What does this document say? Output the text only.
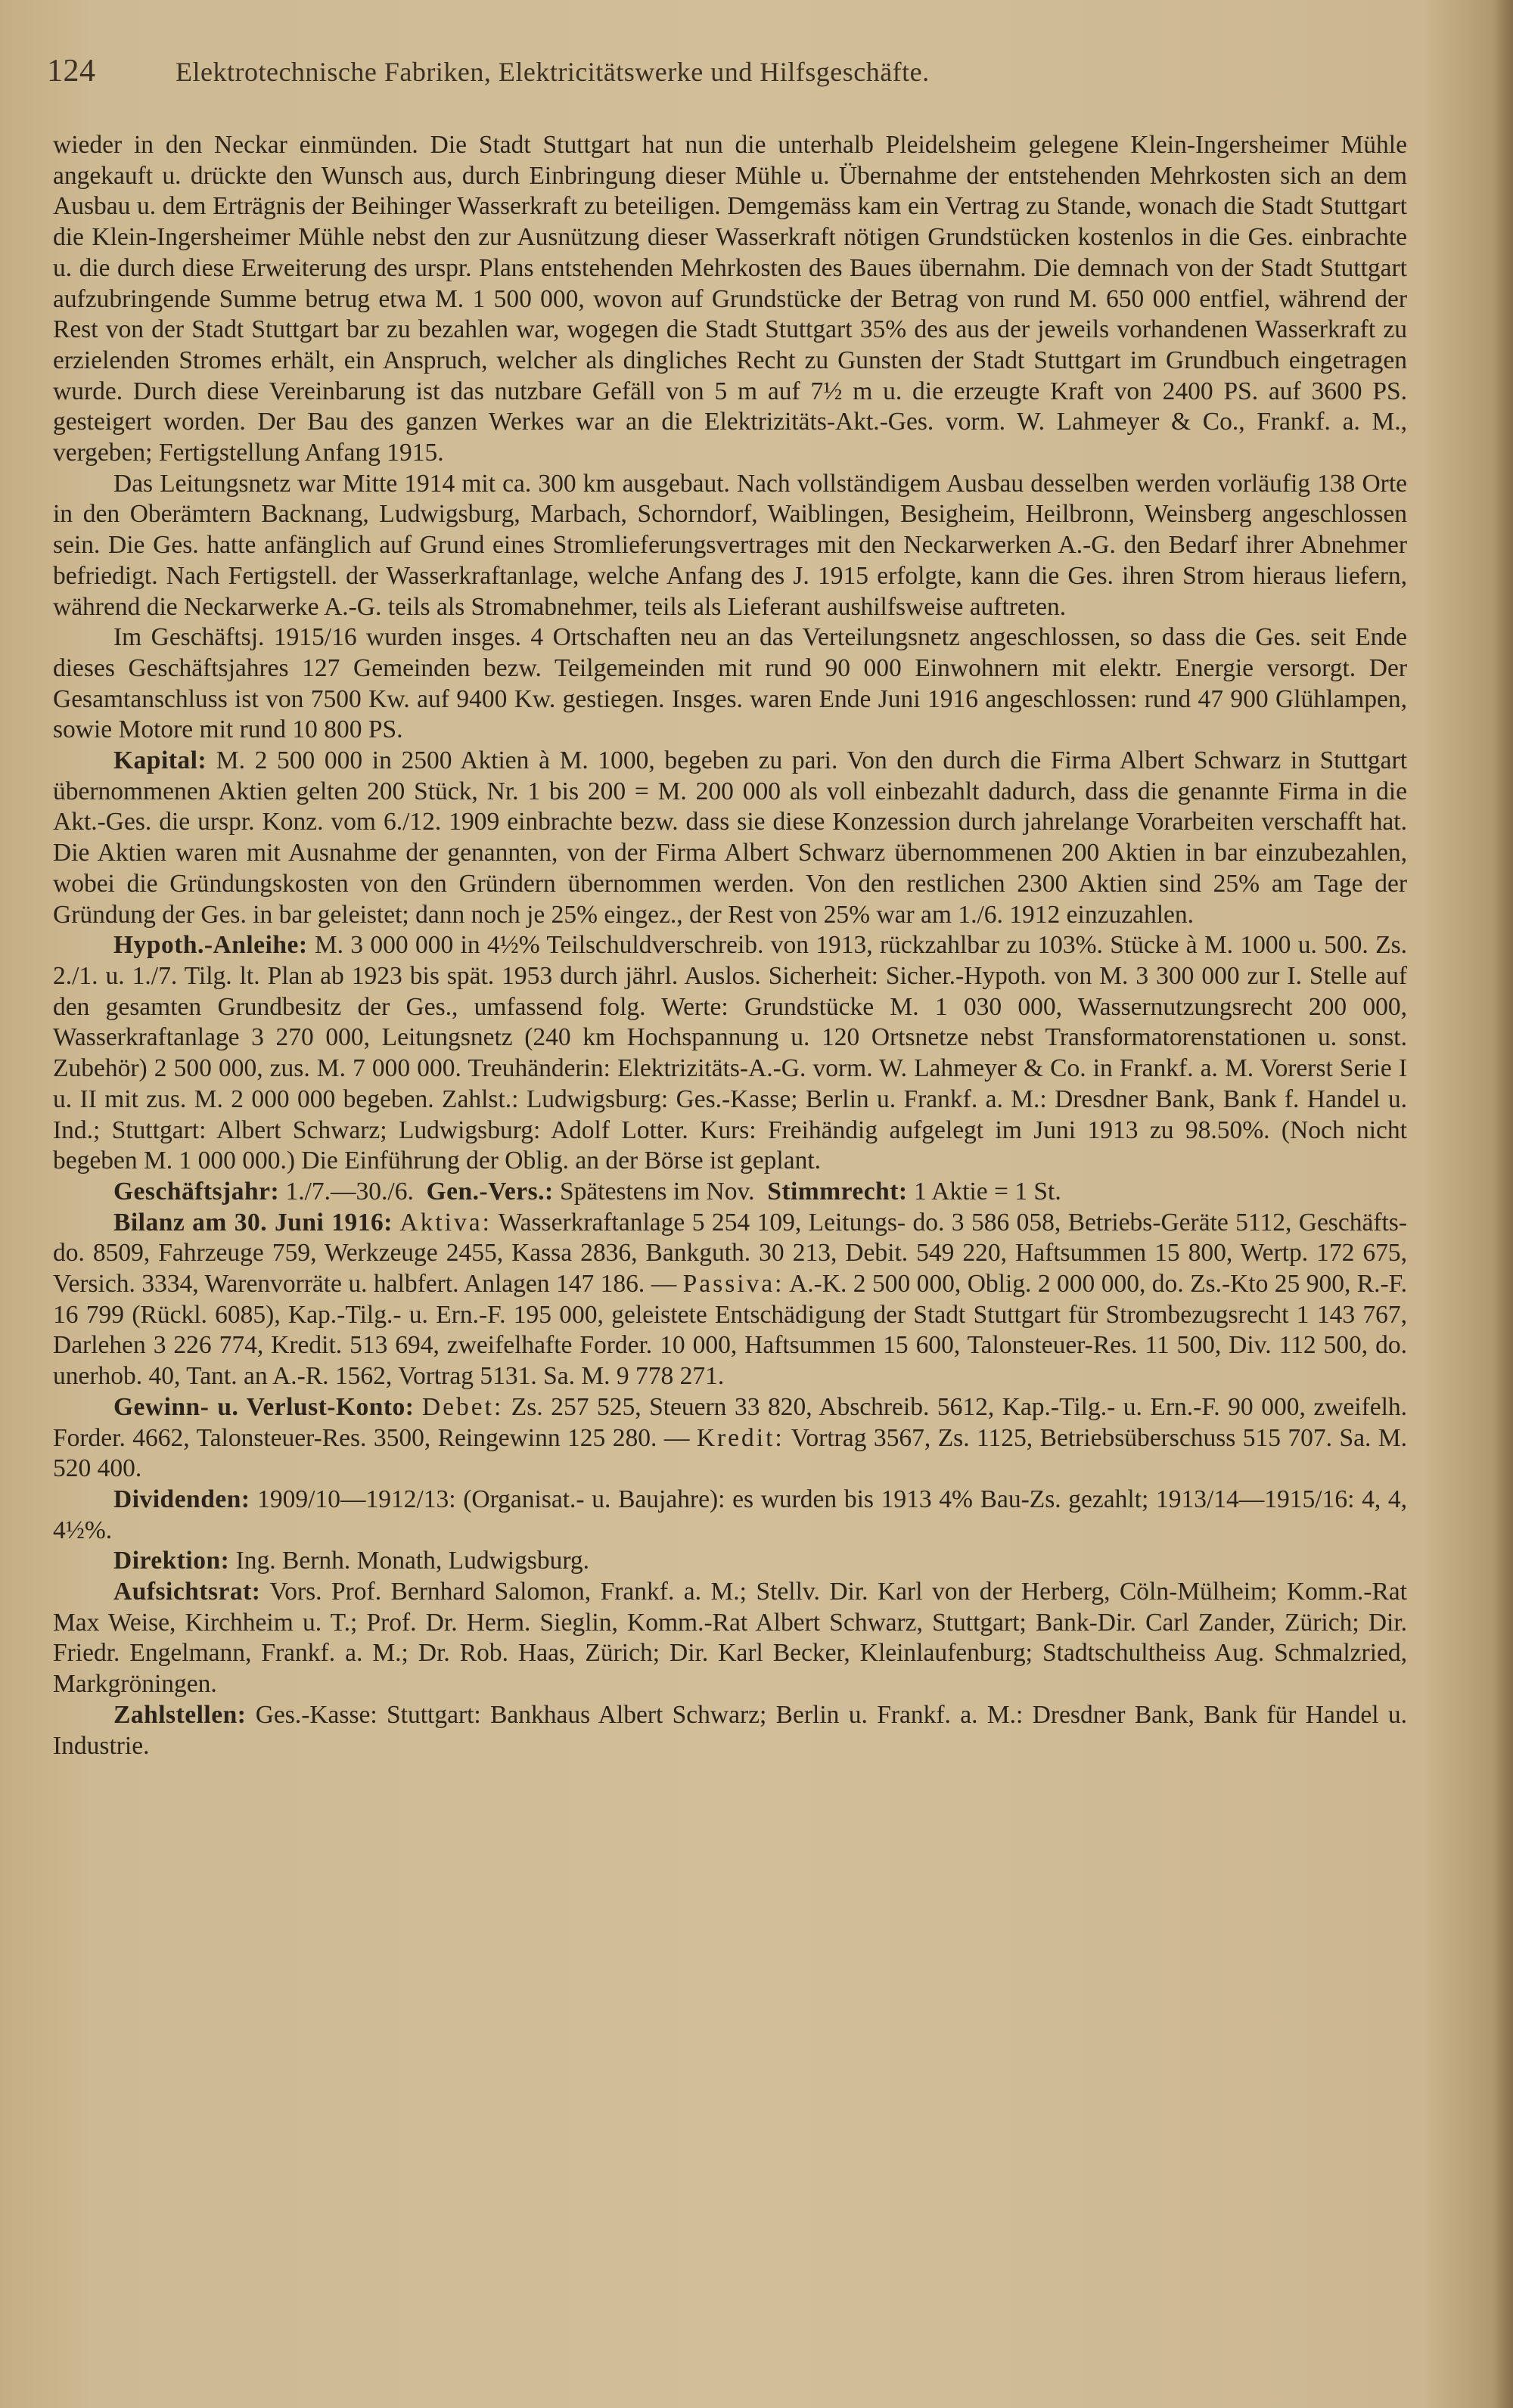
124	Elektrotechnische Fabriken, Elektricitätswerke und Hilfsgeschäfte.

wieder in den Neckar einmünden. Die Stadt Stuttgart hat nun die unterhalb Pleidelsheim gelegene Klein-Ingersheimer Mühle angekauft u. drückte den Wunsch aus, durch Einbringung dieser Mühle u. Übernahme der entstehenden Mehrkosten sich an dem Ausbau u. dem Erträgnis der Beihinger Wasserkraft zu beteiligen. Demgemäss kam ein Vertrag zu Stande, wonach die Stadt Stuttgart die Klein-Ingersheimer Mühle nebst den zur Ausnützung dieser Wasserkraft nötigen Grundstücken kostenlos in die Ges. einbrachte u. die durch diese Erweiterung des urspr. Plans entstehenden Mehrkosten des Baues übernahm. Die demnach von der Stadt Stuttgart aufzubringende Summe betrug etwa M. 1 500 000, wovon auf Grundstücke der Betrag von rund M. 650 000 entfiel, während der Rest von der Stadt Stuttgart bar zu bezahlen war, wogegen die Stadt Stuttgart 35% des aus der jeweils vorhandenen Wasserkraft zu erzielenden Stromes erhält, ein Anspruch, welcher als dingliches Recht zu Gunsten der Stadt Stuttgart im Grundbuch eingetragen wurde. Durch diese Vereinbarung ist das nutzbare Gefäll von 5 m auf 7½ m u. die erzeugte Kraft von 2400 PS. auf 3600 PS. gesteigert worden. Der Bau des ganzen Werkes war an die Elektrizitäts-Akt.-Ges. vorm. W. Lahmeyer & Co., Frankf. a. M., vergeben; Fertigstellung Anfang 1915.

Das Leitungsnetz war Mitte 1914 mit ca. 300 km ausgebaut. Nach vollständigem Ausbau desselben werden vorläufig 138 Orte in den Oberämtern Backnang, Ludwigsburg, Marbach, Schorndorf, Waiblingen, Besigheim, Heilbronn, Weinsberg angeschlossen sein. Die Ges. hatte anfänglich auf Grund eines Stromlieferungsvertrages mit den Neckarwerken A.-G. den Bedarf ihrer Abnehmer befriedigt. Nach Fertigstell. der Wasserkraftanlage, welche Anfang des J. 1915 erfolgte, kann die Ges. ihren Strom hieraus liefern, während die Neckarwerke A.-G. teils als Stromabnehmer, teils als Lieferant aushilfsweise auftreten.

Im Geschäftsj. 1915/16 wurden insges. 4 Ortschaften neu an das Verteilungsnetz angeschlossen, so dass die Ges. seit Ende dieses Geschäftsjahres 127 Gemeinden bezw. Teilgemeinden mit rund 90 000 Einwohnern mit elektr. Energie versorgt. Der Gesamtanschluss ist von 7500 Kw. auf 9400 Kw. gestiegen. Insges. waren Ende Juni 1916 angeschlossen: rund 47 900 Glühlampen, sowie Motore mit rund 10 800 PS.

Kapital: M. 2 500 000 in 2500 Aktien à M. 1000, begeben zu pari. Von den durch die Firma Albert Schwarz in Stuttgart übernommenen Aktien gelten 200 Stück, Nr. 1 bis 200 = M. 200 000 als voll einbezahlt dadurch, dass die genannte Firma in die Akt.-Ges. die urspr. Konz. vom 6./12. 1909 einbrachte bezw. dass sie diese Konzession durch jahrelange Vorarbeiten verschafft hat. Die Aktien waren mit Ausnahme der genannten, von der Firma Albert Schwarz übernommenen 200 Aktien in bar einzubezahlen, wobei die Gründungskosten von den Gründern übernommen werden. Von den restlichen 2300 Aktien sind 25% am Tage der Gründung der Ges. in bar geleistet; dann noch je 25% eingez., der Rest von 25% war am 1./6. 1912 einzuzahlen.

Hypoth.-Anleihe: M. 3 000 000 in 4½% Teilschuldverschreib. von 1913, rückzahlbar zu 103%. Stücke à M. 1000 u. 500. Zs. 2./1. u. 1./7. Tilg. lt. Plan ab 1923 bis spät. 1953 durch jährl. Auslos. Sicherheit: Sicher.-Hypoth. von M. 3 300 000 zur I. Stelle auf den gesamten Grundbesitz der Ges., umfassend folg. Werte: Grundstücke M. 1 030 000, Wassernutzungsrecht 200 000, Wasserkraftanlage 3 270 000, Leitungsnetz (240 km Hochspannung u. 120 Ortsnetze nebst Transformatorenstationen u. sonst. Zubehör) 2 500 000, zus. M. 7 000 000. Treuhänderin: Elektrizitäts-A.-G. vorm. W. Lahmeyer & Co. in Frankf. a. M. Vorerst Serie I u. II mit zus. M. 2 000 000 begeben. Zahlst.: Ludwigsburg: Ges.-Kasse; Berlin u. Frankf. a. M.: Dresdner Bank, Bank f. Handel u. Ind.; Stuttgart: Albert Schwarz; Ludwigsburg: Adolf Lotter. Kurs: Freihändig aufgelegt im Juni 1913 zu 98.50%. (Noch nicht begeben M. 1 000 000.) Die Einführung der Oblig. an der Börse ist geplant.

Geschäftsjahr: 1./7.—30./6. Gen.-Vers.: Spätestens im Nov. Stimmrecht: 1 Aktie = 1 St.

Bilanz am 30. Juni 1916: Aktiva: Wasserkraftanlage 5 254 109, Leitungs- do. 3 586 058, Betriebs-Geräte 5112, Geschäfts- do. 8509, Fahrzeuge 759, Werkzeuge 2455, Kassa 2836, Bankguth. 30 213, Debit. 549 220, Haftsummen 15 800, Wertp. 172 675, Versich. 3334, Warenvorräte u. halbfert. Anlagen 147 186. — Passiva: A.-K. 2 500 000, Oblig. 2 000 000, do. Zs.-Kto 25 900, R.-F. 16 799 (Rückl. 6085), Kap.-Tilg.- u. Ern.-F. 195 000, geleistete Entschädigung der Stadt Stuttgart für Strombezugsrecht 1 143 767, Darlehen 3 226 774, Kredit. 513 694, zweifelhafte Forder. 10 000, Haftsummen 15 600, Talonsteuer-Res. 11 500, Div. 112 500, do. unerhob. 40, Tant. an A.-R. 1562, Vortrag 5131. Sa. M. 9 778 271.

Gewinn- u. Verlust-Konto: Debet: Zs. 257 525, Steuern 33 820, Abschreib. 5612, Kap.-Tilg.- u. Ern.-F. 90 000, zweifelh. Forder. 4662, Talonsteuer-Res. 3500, Reingewinn 125 280. — Kredit: Vortrag 3567, Zs. 1125, Betriebsüberschuss 515 707. Sa. M. 520 400.

Dividenden: 1909/10—1912/13: (Organisat.- u. Baujahre): es wurden bis 1913 4% Bau-Zs. gezahlt; 1913/14—1915/16: 4, 4, 4½%.

Direktion: Ing. Bernh. Monath, Ludwigsburg.

Aufsichtsrat: Vors. Prof. Bernhard Salomon, Frankf. a. M.; Stellv. Dir. Karl von der Herberg, Cöln-Mülheim; Komm.-Rat Max Weise, Kirchheim u. T.; Prof. Dr. Herm. Sieglin, Komm.-Rat Albert Schwarz, Stuttgart; Bank-Dir. Carl Zander, Zürich; Dir. Friedr. Engelmann, Frankf. a. M.; Dr. Rob. Haas, Zürich; Dir. Karl Becker, Kleinlaufenburg; Stadtschultheiss Aug. Schmalzried, Markgröningen.

Zahlstellen: Ges.-Kasse: Stuttgart: Bankhaus Albert Schwarz; Berlin u. Frankf. a. M.: Dresdner Bank, Bank für Handel u. Industrie.
